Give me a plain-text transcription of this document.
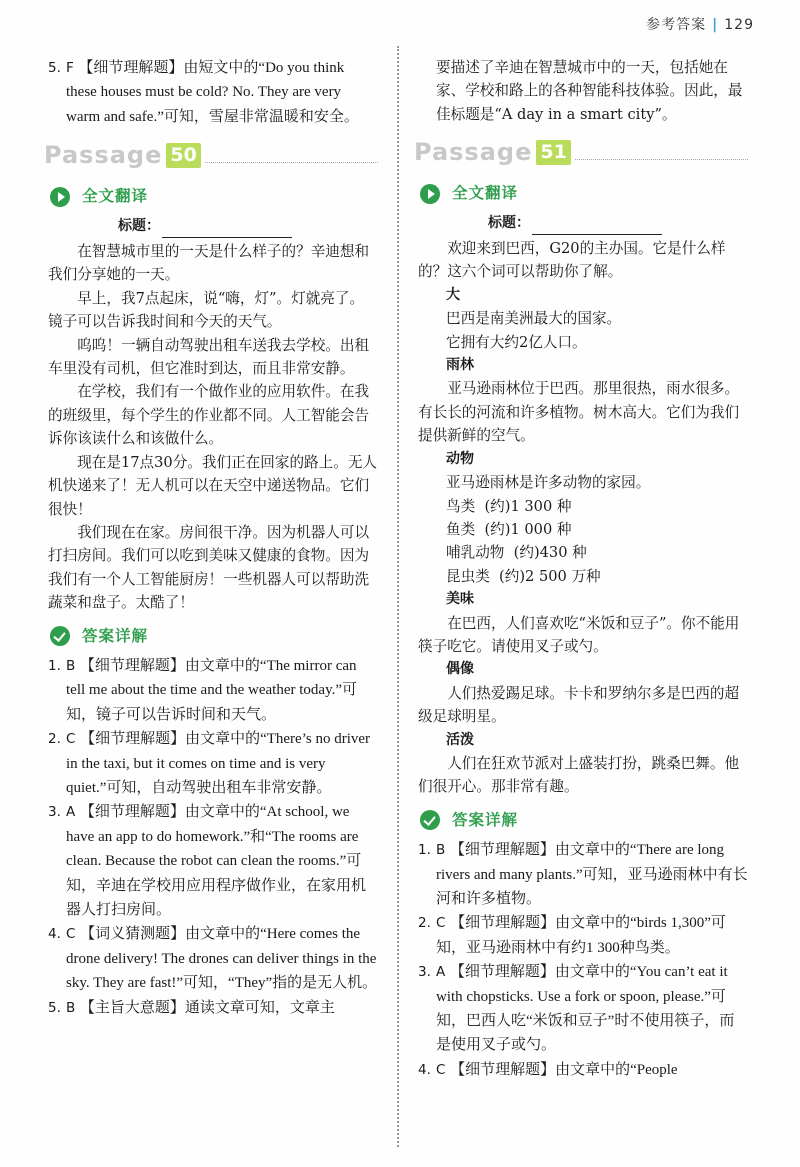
参考答案 | 129

5. F 【细节理解题】由短文中的“Do you think these houses must be cold? No. They are very warm and safe.”可知，雪屋非常温暖和安全。

Passage 50
全文翻译

标题：

在智慧城市里的一天是什么样子的？辛迪想和我们分享她的一天。

早上，我7点起床，说“嗨，灯”。灯就亮了。镜子可以告诉我时间和今天的天气。

呜呜！一辆自动驾驶出租车送我去学校。出租车里没有司机，但它准时到达，而且非常安静。

在学校，我们有一个做作业的应用软件。在我的班级里，每个学生的作业都不同。人工智能会告诉你该读什么和该做什么。

现在是17点30分。我们正在回家的路上。无人机快递来了！无人机可以在天空中递送物品。它们很快！

我们现在在家。房间很干净。因为机器人可以打扫房间。我们可以吃到美味又健康的食物。因为我们有一个人工智能厨房！一些机器人可以帮助洗蔬菜和盘子。太酷了！

答案详解

1. B 【细节理解题】由文章中的“The mirror can tell me about the time and the weather today.”可知，镜子可以告诉时间和天气。

2. C 【细节理解题】由文章中的“There’s no driver in the taxi, but it comes on time and is very quiet.”可知，自动驾驶出租车非常安静。

3. A 【细节理解题】由文章中的“At school, we have an app to do homework.”和“The rooms are clean. Because the robot can clean the rooms.”可知，辛迪在学校用应用程序做作业，在家用机器人打扫房间。

4. C 【词义猜测题】由文章中的“Here comes the drone delivery! The drones can deliver things in the sky. They are fast!”可知，“They”指的是无人机。

5. B 【主旨大意题】通读文章可知，文章主

要描述了辛迪在智慧城市中的一天，包括她在家、学校和路上的各种智能科技体验。因此，最佳标题是“A day in a smart city”。

Passage 51
全文翻译

标题：

欢迎来到巴西，G20的主办国。它是什么样的？这六个词可以帮助你了解。

大

巴西是南美洲最大的国家。

它拥有大约2亿人口。

雨林

亚马逊雨林位于巴西。那里很热，雨水很多。有长长的河流和许多植物。树木高大。它们为我们提供新鲜的空气。

动物

亚马逊雨林是许多动物的家园。

鸟类  (约)1 300 种

鱼类  (约)1 000 种

哺乳动物  (约)430 种

昆虫类  (约)2 500 万种

美味

在巴西，人们喜欢吃“米饭和豆子”。你不能用筷子吃它。请使用叉子或勺。

偶像

人们热爱踢足球。卡卡和罗纳尔多是巴西的超级足球明星。

活泼

人们在狂欢节派对上盛装打扮，跳桑巴舞。他们很开心。那非常有趣。

答案详解

1. B 【细节理解题】由文章中的“There are long rivers and many plants.”可知，亚马逊雨林中有长河和许多植物。

2. C 【细节理解题】由文章中的“birds 1,300”可知，亚马逊雨林中有约1 300种鸟类。

3. A 【细节理解题】由文章中的“You can’t eat it with chopsticks. Use a fork or spoon, please.”可知，巴西人吃“米饭和豆子”时不使用筷子，而是使用叉子或勺。

4. C 【细节理解题】由文章中的“People
